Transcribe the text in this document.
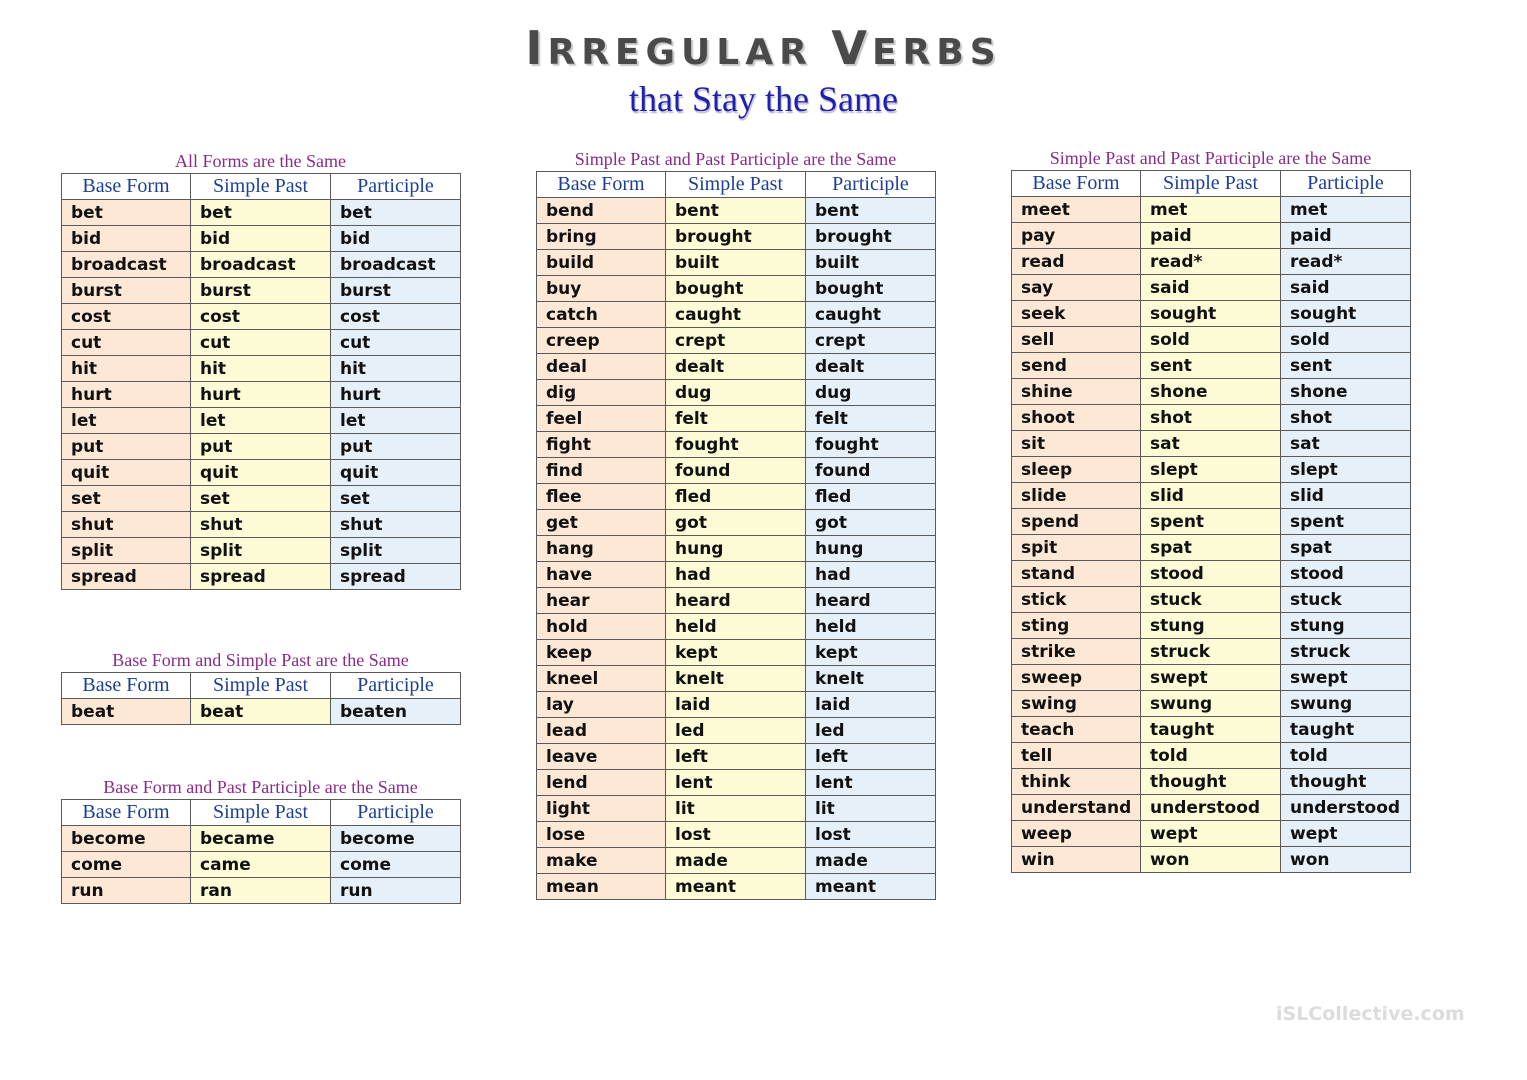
IRREGULAR VERBS
that Stay the Same
All Forms are the Same
Base Form	Simple Past	Participle
bet	bet	bet
bid	bid	bid
broadcast	broadcast	broadcast
burst	burst	burst
cost	cost	cost
cut	cut	cut
hit	hit	hit
hurt	hurt	hurt
let	let	let
put	put	put
quit	quit	quit
set	set	set
shut	shut	shut
split	split	split
spread	spread	spread
Base Form and Simple Past are the Same
Base Form	Simple Past	Participle
beat	beat	beaten
Base Form and Past Participle are the Same
Base Form	Simple Past	Participle
become	became	become
come	came	come
run	ran	run
Simple Past and Past Participle are the Same
Base Form	Simple Past	Participle
bend	bent	bent
bring	brought	brought
build	built	built
buy	bought	bought
catch	caught	caught
creep	crept	crept
deal	dealt	dealt
dig	dug	dug
feel	felt	felt
fight	fought	fought
find	found	found
flee	fled	fled
get	got	got
hang	hung	hung
have	had	had
hear	heard	heard
hold	held	held
keep	kept	kept
kneel	knelt	knelt
lay	laid	laid
lead	led	led
leave	left	left
lend	lent	lent
light	lit	lit
lose	lost	lost
make	made	made
mean	meant	meant
Simple Past and Past Participle are the Same
Base Form	Simple Past	Participle
meet	met	met
pay	paid	paid
read	read*	read*
say	said	said
seek	sought	sought
sell	sold	sold
send	sent	sent
shine	shone	shone
shoot	shot	shot
sit	sat	sat
sleep	slept	slept
slide	slid	slid
spend	spent	spent
spit	spat	spat
stand	stood	stood
stick	stuck	stuck
sting	stung	stung
strike	struck	struck
sweep	swept	swept
swing	swung	swung
teach	taught	taught
tell	told	told
think	thought	thought
understand	understood	understood
weep	wept	wept
win	won	won
iSLCollective.com
